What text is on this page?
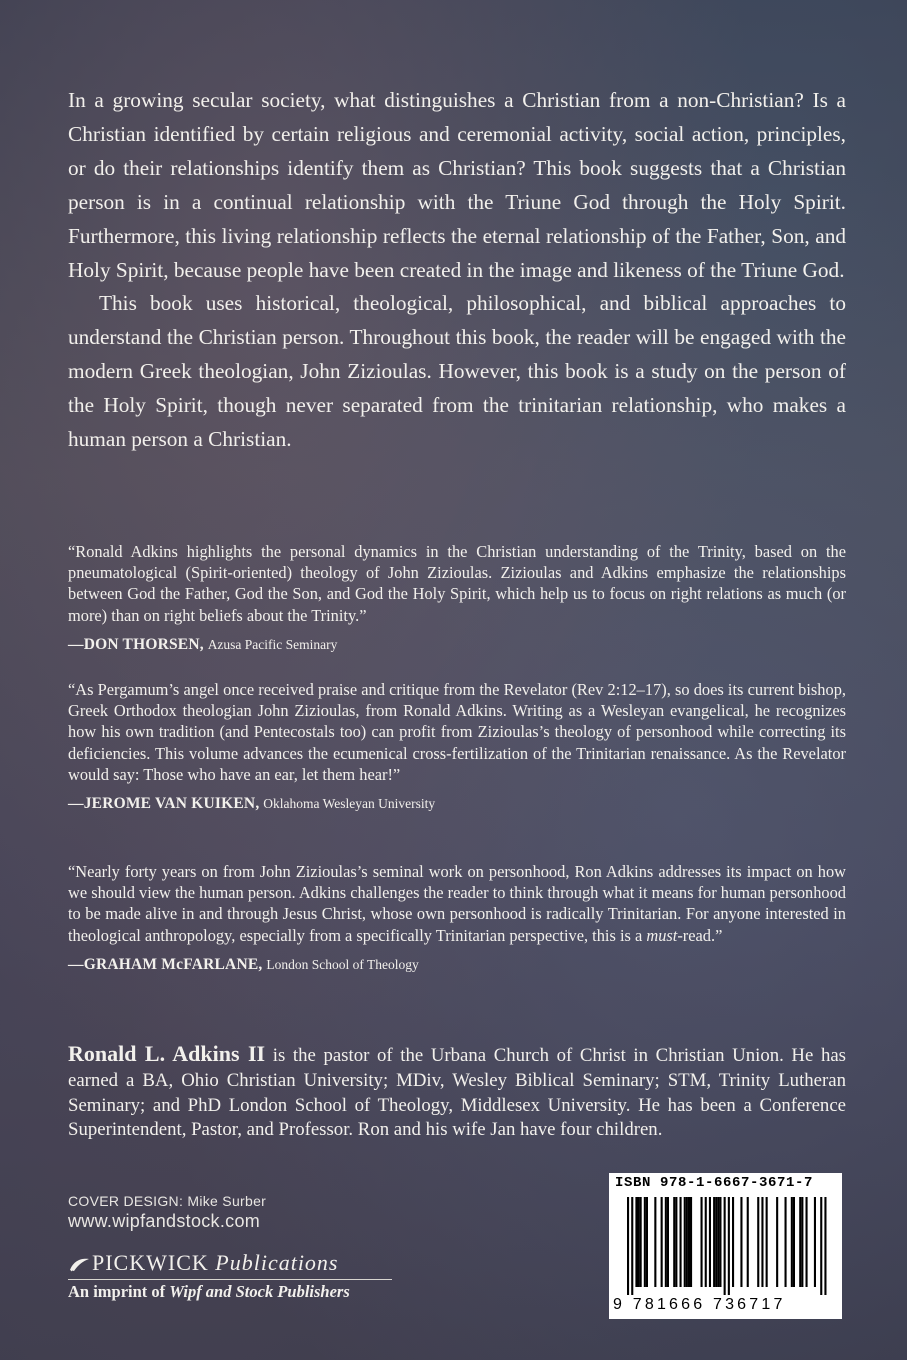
In a growing secular society, what distinguishes a Christian from a non-Christian? Is a Christian identified by certain religious and ceremonial activity, social action, principles, or do their relationships identify them as Christian? This book suggests that a Christian person is in a continual relationship with the Triune God through the Holy Spirit. Furthermore, this living relationship reflects the eternal relationship of the Father, Son, and Holy Spirit, because people have been created in the image and likeness of the Triune God.

This book uses historical, theological, philosophical, and biblical approaches to understand the Christian person. Throughout this book, the reader will be engaged with the modern Greek theologian, John Zizioulas. However, this book is a study on the person of the Holy Spirit, though never separated from the trinitarian relationship, who makes a human person a Christian.

“Ronald Adkins highlights the personal dynamics in the Christian understanding of the Trinity, based on the pneumatological (Spirit-oriented) theology of John Zizioulas. Zizioulas and Adkins emphasize the relationships between God the Father, God the Son, and God the Holy Spirit, which help us to focus on right relations as much (or more) than on right beliefs about the Trinity.”

—DON THORSEN, Azusa Pacific Seminary

“As Pergamum’s angel once received praise and critique from the Revelator (Rev 2:12–17), so does its current bishop, Greek Orthodox theologian John Zizioulas, from Ronald Adkins. Writing as a Wesleyan evangelical, he recognizes how his own tradition (and Pentecostals too) can profit from Zizioulas’s theology of personhood while correcting its deficiencies. This volume advances the ecumenical cross-fertilization of the Trinitarian renaissance. As the Revelator would say: Those who have an ear, let them hear!”

—JEROME VAN KUIKEN, Oklahoma Wesleyan University

“Nearly forty years on from John Zizioulas’s seminal work on personhood, Ron Adkins addresses its impact on how we should view the human person. Adkins challenges the reader to think through what it means for human personhood to be made alive in and through Jesus Christ, whose own personhood is radically Trinitarian. For anyone interested in theological anthropology, especially from a specifically Trinitarian perspective, this is a must-read.”

—GRAHAM McFARLANE, London School of Theology

Ronald L. Adkins II is the pastor of the Urbana Church of Christ in Christian Union. He has earned a BA, Ohio Christian University; MDiv, Wesley Biblical Seminary; STM, Trinity Lutheran Seminary; and PhD London School of Theology, Middlesex University. He has been a Conference Superintendent, Pastor, and Professor. Ron and his wife Jan have four children.

COVER DESIGN: Mike Surber
www.wipfandstock.com
PICKWICK Publications
An imprint of Wipf and Stock Publishers
ISBN 978-1-6667-3671-7
9 781666 736717
